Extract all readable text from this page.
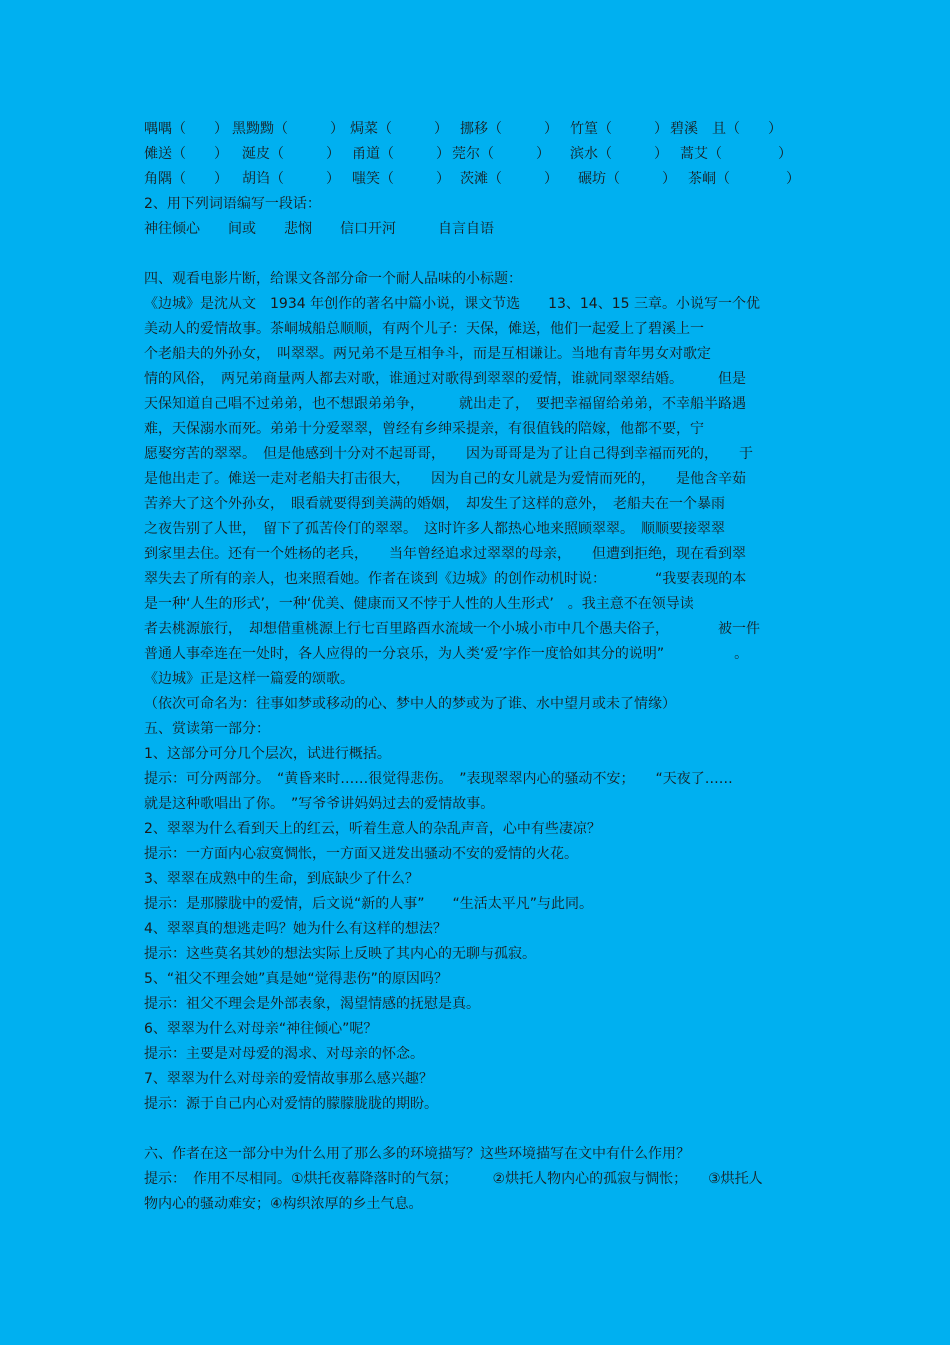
喁喁（　　） 黑黝黝（　　　） 焗菜（　　　） 挪移（　　　） 竹篁（　　　） 碧溪　且（　　）
傩送（　　） 涎皮（　　　） 甬道（　　　） 莞尔（　　　） 滨水（　　　） 蒿艾（　　　　）
角隅（　　） 胡诌（　　　） 嗤笑（　　　） 茨滩（　　　） 碾坊（　　　） 茶峒（　　　　）
2、用下列词语编写一段话：
神往倾心　　间或　　悲悯　　信口开河　　　自言自语
四、观看电影片断，给课文各部分命一个耐人品味的小标题：
《边城》是沈从文　1934 年创作的著名中篇小说，课文节选　　13、14、15 三章。小说写一个优
美动人的爱情故事。茶峒城船总顺顺，有两个儿子：天保，傩送，他们一起爱上了碧溪上一
个老船夫的外孙女，　叫翠翠。两兄弟不是互相争斗，而是互相谦让。当地有青年男女对歌定
情的风俗，　两兄弟商量两人都去对歌，谁通过对歌得到翠翠的爱情，谁就同翠翠结婚。　　　但是
天保知道自己唱不过弟弟，也不想跟弟弟争，　　　就出走了，　要把幸福留给弟弟，不幸船半路遇
难，天保溺水而死。弟弟十分爱翠翠，曾经有乡绅采提亲，有很值钱的陪嫁，他都不要，宁
愿娶穷苦的翠翠。　但是他感到十分对不起哥哥，　　因为哥哥是为了让自己得到幸福而死的，　　于
是他出走了。傩送一走对老船夫打击很大，　　因为自己的女儿就是为爱情而死的，　　是他含辛茹
苦养大了这个外孙女，　眼看就要得到美满的婚姻，　却发生了这样的意外，　老船夫在一个暴雨
之夜告别了人世，　留下了孤苦伶仃的翠翠。　这时许多人都热心地来照顾翠翠。　顺顺要接翠翠
到家里去住。还有一个姓杨的老兵，　　当年曾经追求过翠翠的母亲，　　但遭到拒绝，现在看到翠
翠失去了所有的亲人，也来照看她。作者在谈到《边城》的创作动机时说：　　　　“我要表现的本
是一种‘人生的形式’，一种‘优美、健康而又不悖于人性的人生形式’　。我主意不在领导读
者去桃源旅行，　却想借重桃源上行七百里路酉水流域一个小城小市中几个愚夫俗子，　　　　被一件
普通人事牵连在一处时，各人应得的一分哀乐，为人类‘爱’字作一度恰如其分的说明”　　　　　。
《边城》正是这样一篇爱的颂歌。
（依次可命名为：往事如梦或移动的心、梦中人的梦或为了谁、水中望月或未了情缘）
五、赏读第一部分：
1、这部分可分几个层次，试进行概括。
提示：可分两部分。　“黄昏来时……很觉得悲伤。　”表现翠翠内心的骚动不安；　　“天夜了……
就是这种歌唱出了你。　”写爷爷讲妈妈过去的爱情故事。
2、翠翠为什么看到天上的红云，听着生意人的杂乱声音，心中有些凄凉？
提示：一方面内心寂寞惆怅，一方面又迸发出骚动不安的爱情的火花。
3、翠翠在成熟中的生命，到底缺少了什么？
提示：是那朦胧中的爱情，后文说“新的人事”　　“生活太平凡”与此同。
4、翠翠真的想逃走吗？她为什么有这样的想法？
提示：这些莫名其妙的想法实际上反映了其内心的无聊与孤寂。
5、“祖父不理会她”真是她“觉得悲伤”的原因吗？
提示：祖父不理会是外部表象，渴望情感的抚慰是真。
6、翠翠为什么对母亲“神往倾心”呢？
提示：主要是对母爱的渴求、对母亲的怀念。
7、翠翠为什么对母亲的爱情故事那么感兴趣？
提示：源于自己内心对爱情的朦朦胧胧的期盼。
六、作者在这一部分中为什么用了那么多的环境描写？这些环境描写在文中有什么作用？
提示：　作用不尽相同。①烘托夜幕降落时的气氛；　　　②烘托人物内心的孤寂与惆怅；　　③烘托人
物内心的骚动难安；④构织浓厚的乡土气息。
